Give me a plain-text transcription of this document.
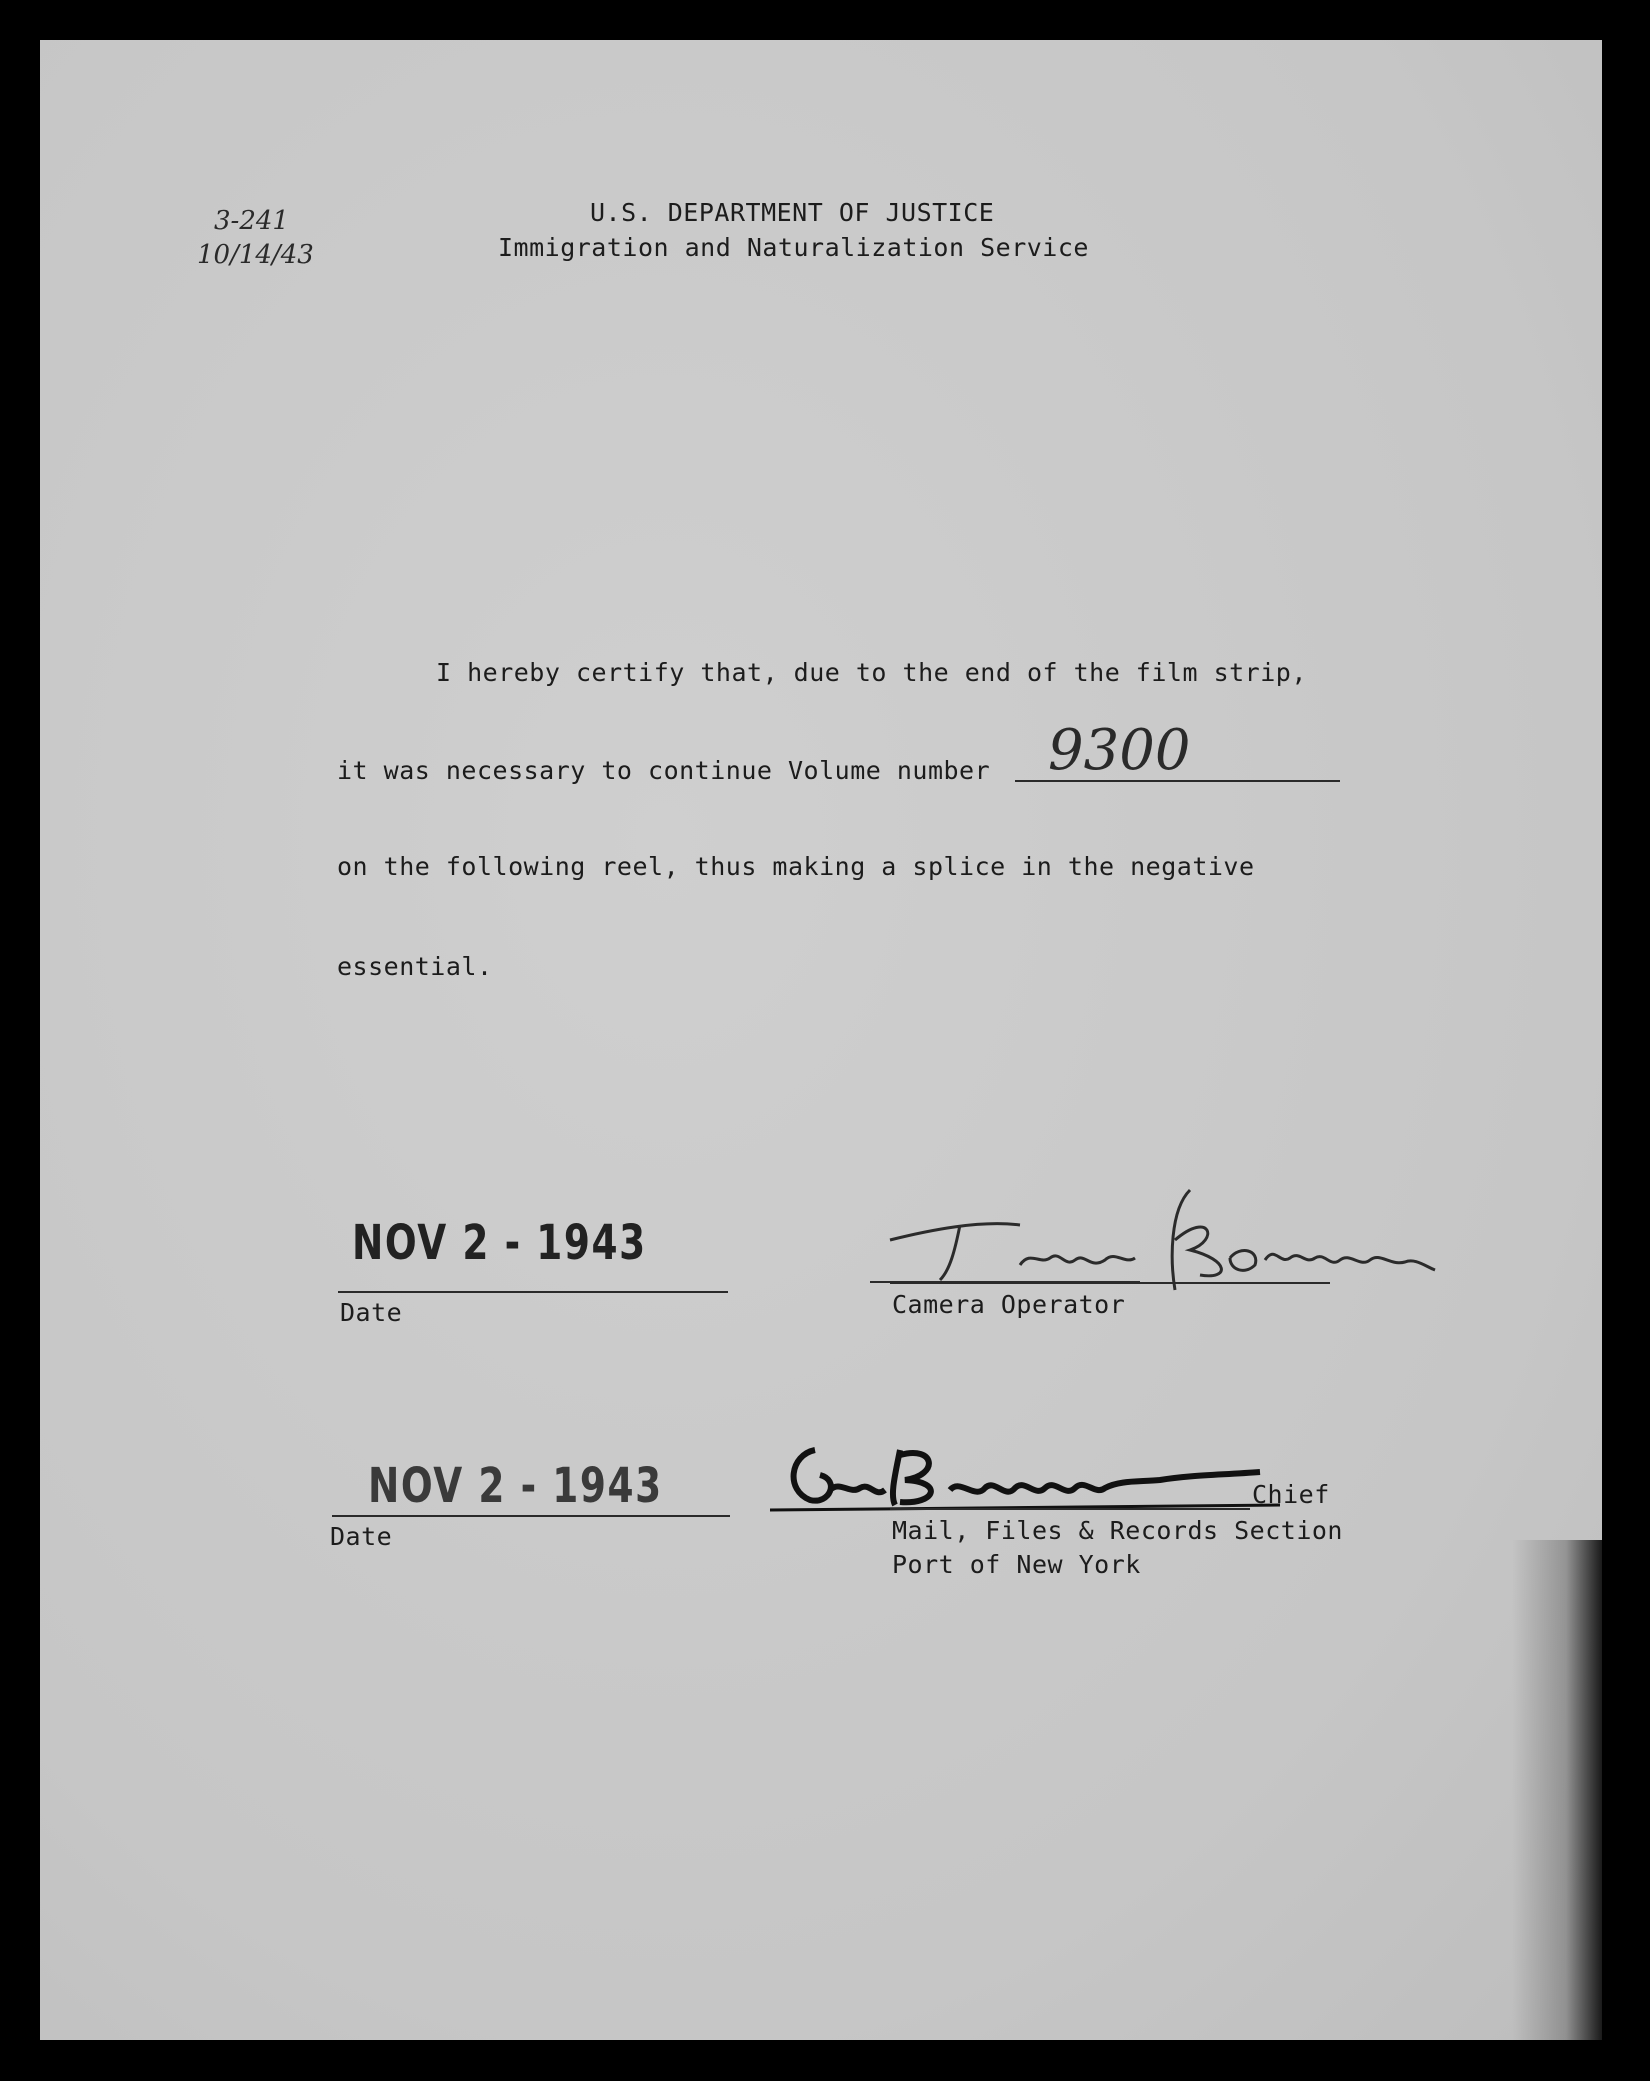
3-241
10/14/43
U.S. DEPARTMENT OF JUSTICE
Immigration and Naturalization Service
I hereby certify that, due to the end of the film strip,
it was necessary to continue Volume number 9300
on the following reel, thus making a splice in the negative
essential.
NOV 2 - 1943
Date	Camera Operator
NOV 2 - 1943
Date
Chief
Mail, Files & Records Section
Port of New York
